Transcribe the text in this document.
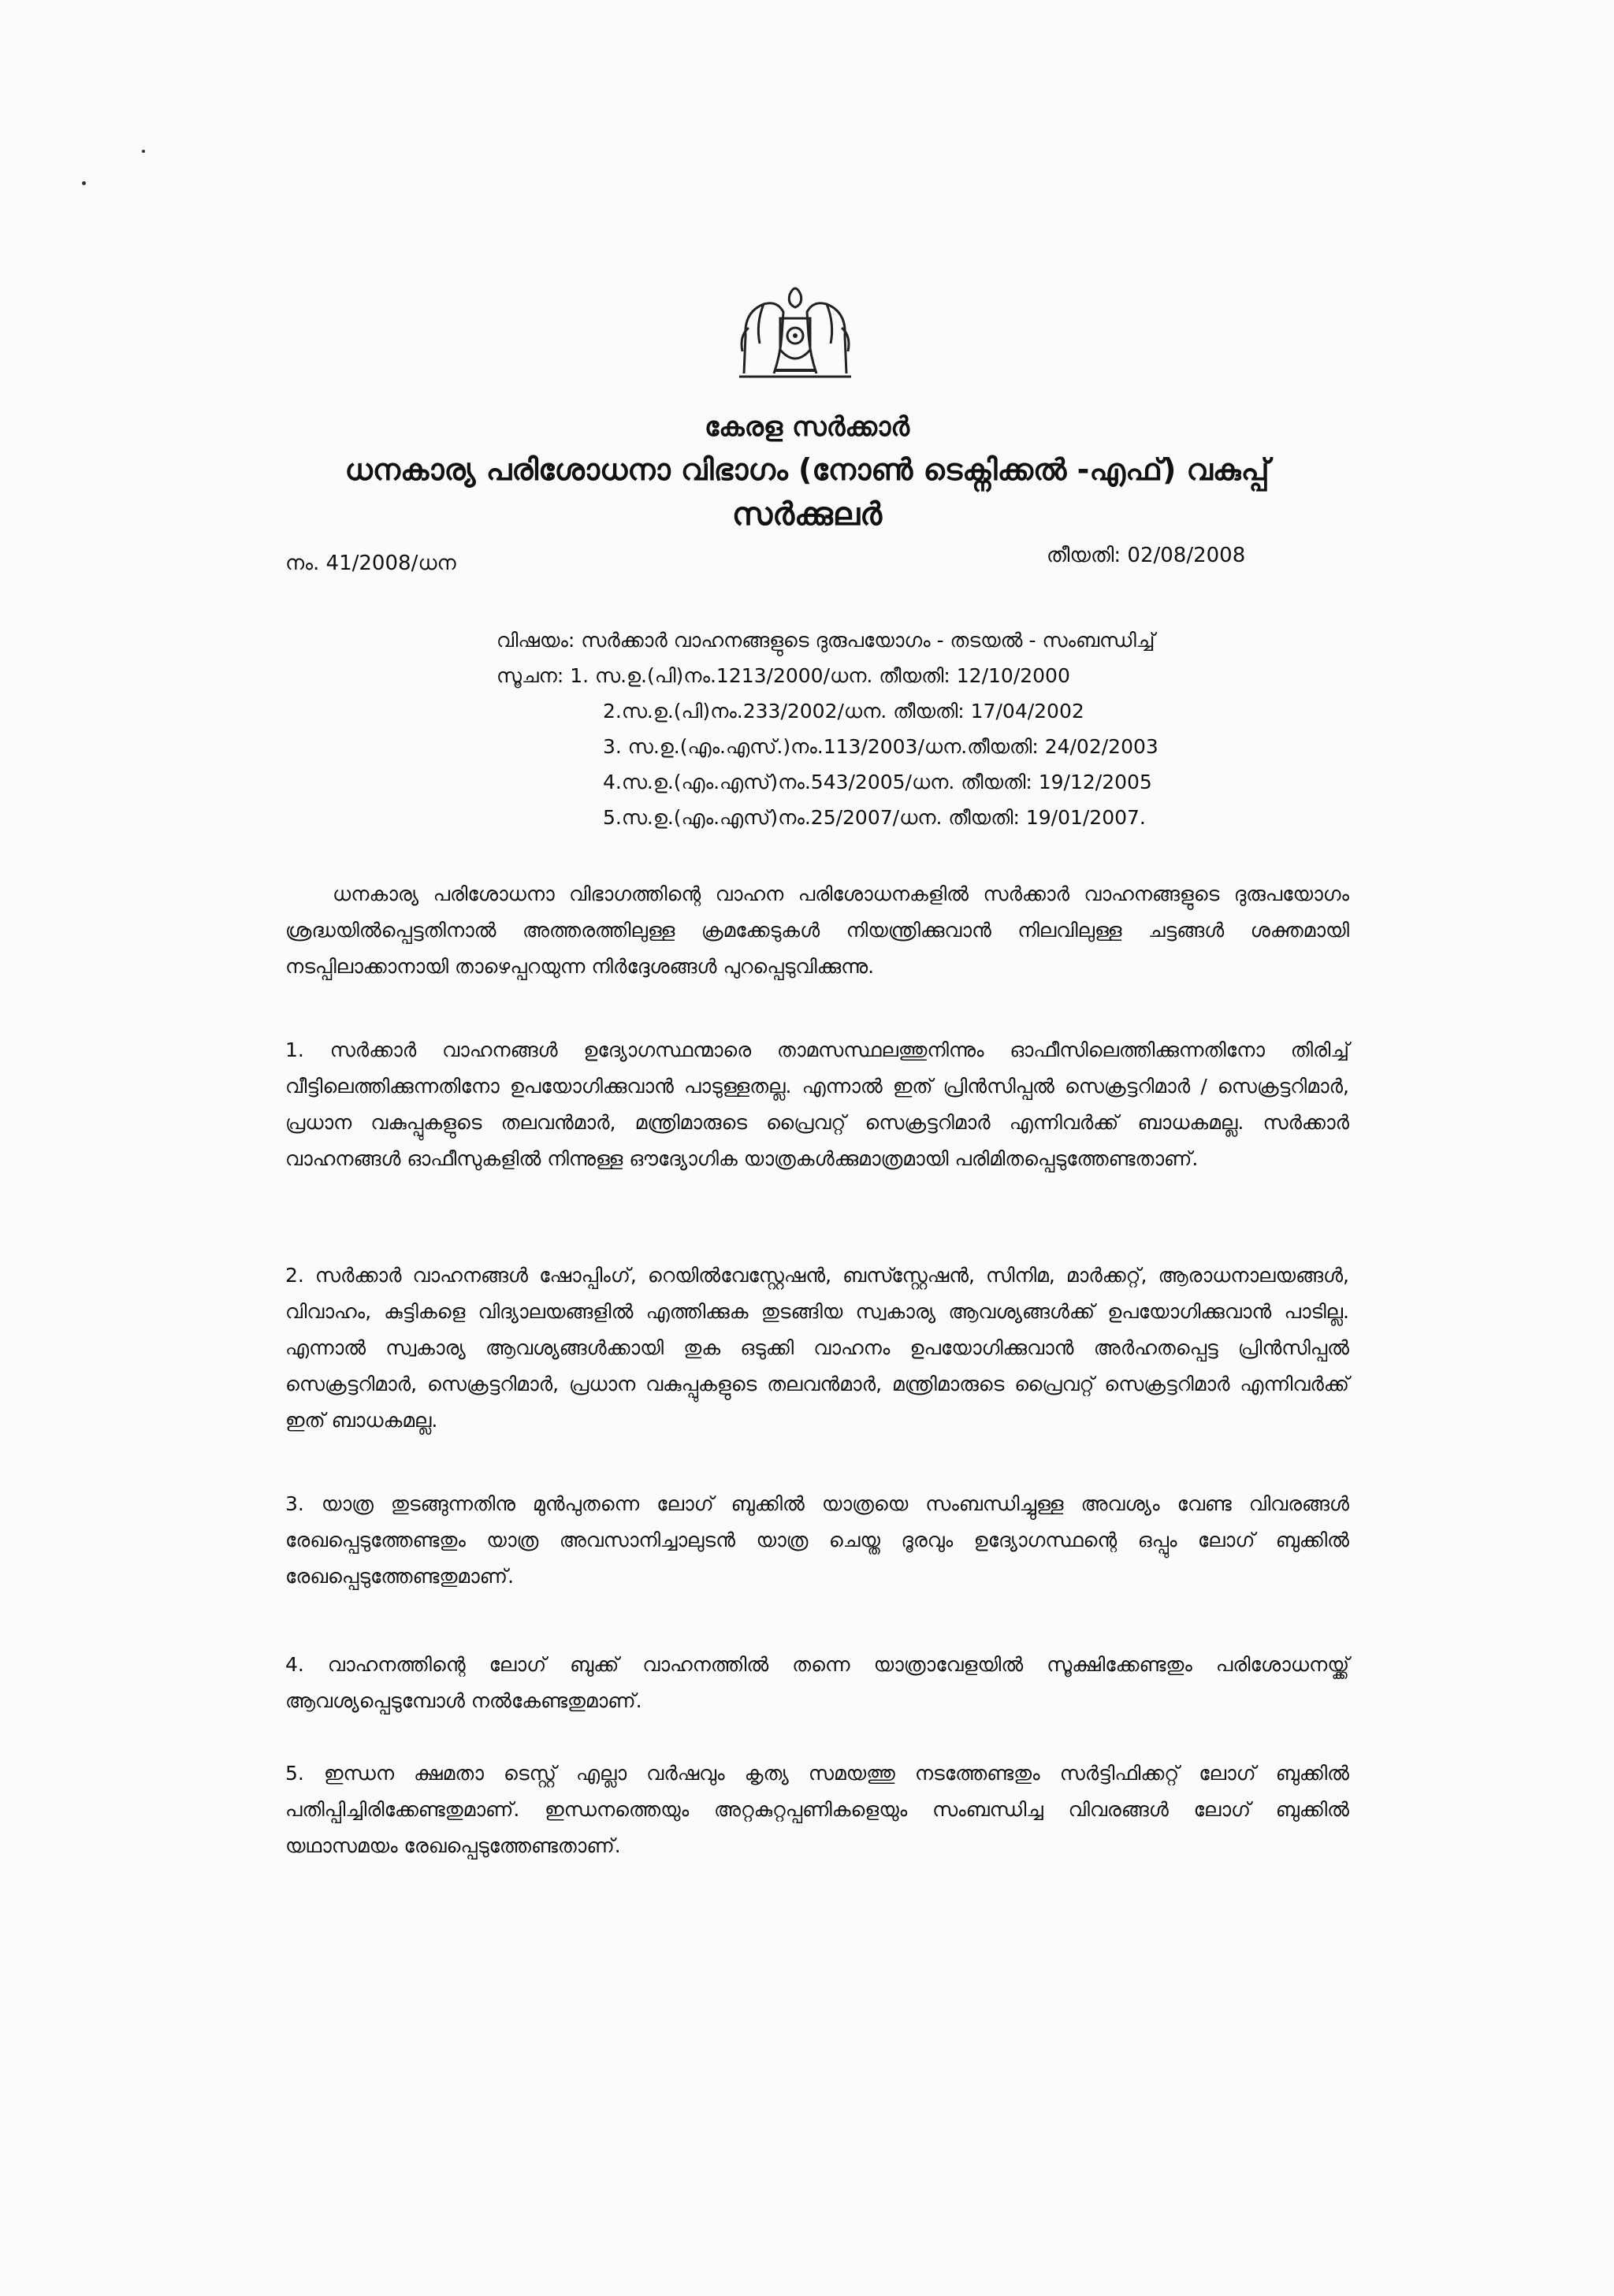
കേരള സർക്കാർ
ധനകാര്യ പരിശോധനാ വിഭാഗം (നോൺ ടെക്നിക്കൽ -എഫ്) വകുപ്പ്
സർക്കുലർ
നം. 41/2008/ധന	തീയതി: 02/08/2008
വിഷയം: സർക്കാർ വാഹനങ്ങളുടെ ദുരുപയോഗം - തടയൽ - സംബന്ധിച്ച്
സൂചന: 1. സ.ഉ.(പി)നം.1213/2000/ധന. തീയതി: 12/10/2000
2.സ.ഉ.(പി)നം.233/2002/ധന. തീയതി: 17/04/2002
3. സ.ഉ.(എം.എസ്.)നം.113/2003/ധന.തീയതി: 24/02/2003
4.സ.ഉ.(എം.എസ്)നം.543/2005/ധന. തീയതി: 19/12/2005
5.സ.ഉ.(എം.എസ്)നം.25/2007/ധന. തീയതി: 19/01/2007.
ധനകാര്യ പരിശോധനാ വിഭാഗത്തിന്റെ വാഹന പരിശോധനകളിൽ സർക്കാർ വാഹനങ്ങളുടെ ദുരുപയോഗം ശ്രദ്ധയിൽപ്പെട്ടതിനാൽ അത്തരത്തിലുള്ള ക്രമക്കേടുകൾ നിയന്ത്രിക്കുവാൻ നിലവിലുള്ള ചട്ടങ്ങൾ ശക്തമായി നടപ്പിലാക്കാനായി താഴെപ്പറയുന്ന നിർദ്ദേശങ്ങൾ പുറപ്പെടുവിക്കുന്നു.
1. സർക്കാർ വാഹനങ്ങൾ ഉദ്യോഗസ്ഥന്മാരെ താമസസ്ഥലത്തുനിന്നും ഓഫീസിലെത്തിക്കുന്നതിനോ തിരിച്ച് വീട്ടിലെത്തിക്കുന്നതിനോ ഉപയോഗിക്കുവാൻ പാടുള്ളതല്ല. എന്നാൽ ഇത് പ്രിൻസിപ്പൽ സെക്രട്ടറിമാർ / സെക്രട്ടറിമാർ, പ്രധാന വകുപ്പുകളുടെ തലവൻമാർ, മന്ത്രിമാരുടെ പ്രൈവറ്റ് സെക്രട്ടറിമാർ എന്നിവർക്ക് ബാധകമല്ല. സർക്കാർ വാഹനങ്ങൾ ഓഫീസുകളിൽ നിന്നുള്ള ഔദ്യോഗിക യാത്രകൾക്കുമാത്രമായി പരിമിതപ്പെടുത്തേണ്ടതാണ്.
2. സർക്കാർ വാഹനങ്ങൾ ഷോപ്പിംഗ്, റെയിൽവേസ്റ്റേഷൻ, ബസ്സ്റ്റേഷൻ, സിനിമ, മാർക്കറ്റ്, ആരാധനാലയങ്ങൾ, വിവാഹം, കുട്ടികളെ വിദ്യാലയങ്ങളിൽ എത്തിക്കുക തുടങ്ങിയ സ്വകാര്യ ആവശ്യങ്ങൾക്ക് ഉപയോഗിക്കുവാൻ പാടില്ല. എന്നാൽ സ്വകാര്യ ആവശ്യങ്ങൾക്കായി തുക ഒടുക്കി വാഹനം ഉപയോഗിക്കുവാൻ അർഹതപ്പെട്ട പ്രിൻസിപ്പൽ സെക്രട്ടറിമാർ, സെക്രട്ടറിമാർ, പ്രധാന വകുപ്പുകളുടെ തലവൻമാർ, മന്ത്രിമാരുടെ പ്രൈവറ്റ് സെക്രട്ടറിമാർ എന്നിവർക്ക് ഇത് ബാധകമല്ല.
3. യാത്ര തുടങ്ങുന്നതിനു മുൻപുതന്നെ ലോഗ് ബുക്കിൽ യാത്രയെ സംബന്ധിച്ചുള്ള അവശ്യം വേണ്ട വിവരങ്ങൾ രേഖപ്പെടുത്തേണ്ടതും യാത്ര അവസാനിച്ചാലുടൻ യാത്ര ചെയ്ത ദൂരവും ഉദ്യോഗസ്ഥന്റെ ഒപ്പും ലോഗ് ബുക്കിൽ രേഖപ്പെടുത്തേണ്ടതുമാണ്.
4. വാഹനത്തിന്റെ ലോഗ് ബുക്ക് വാഹനത്തിൽ തന്നെ യാത്രാവേളയിൽ സൂക്ഷിക്കേണ്ടതും പരിശോധനയ്ക്ക് ആവശ്യപ്പെടുമ്പോൾ നൽകേണ്ടതുമാണ്.
5. ഇന്ധന ക്ഷമതാ ടെസ്റ്റ് എല്ലാ വർഷവും കൃത്യ സമയത്തു നടത്തേണ്ടതും സർട്ടിഫിക്കറ്റ് ലോഗ് ബുക്കിൽ പതിപ്പിച്ചിരിക്കേണ്ടതുമാണ്. ഇന്ധനത്തെയും അറ്റകുറ്റപ്പണികളെയും സംബന്ധിച്ച വിവരങ്ങൾ ലോഗ് ബുക്കിൽ യഥാസമയം രേഖപ്പെടുത്തേണ്ടതാണ്.
